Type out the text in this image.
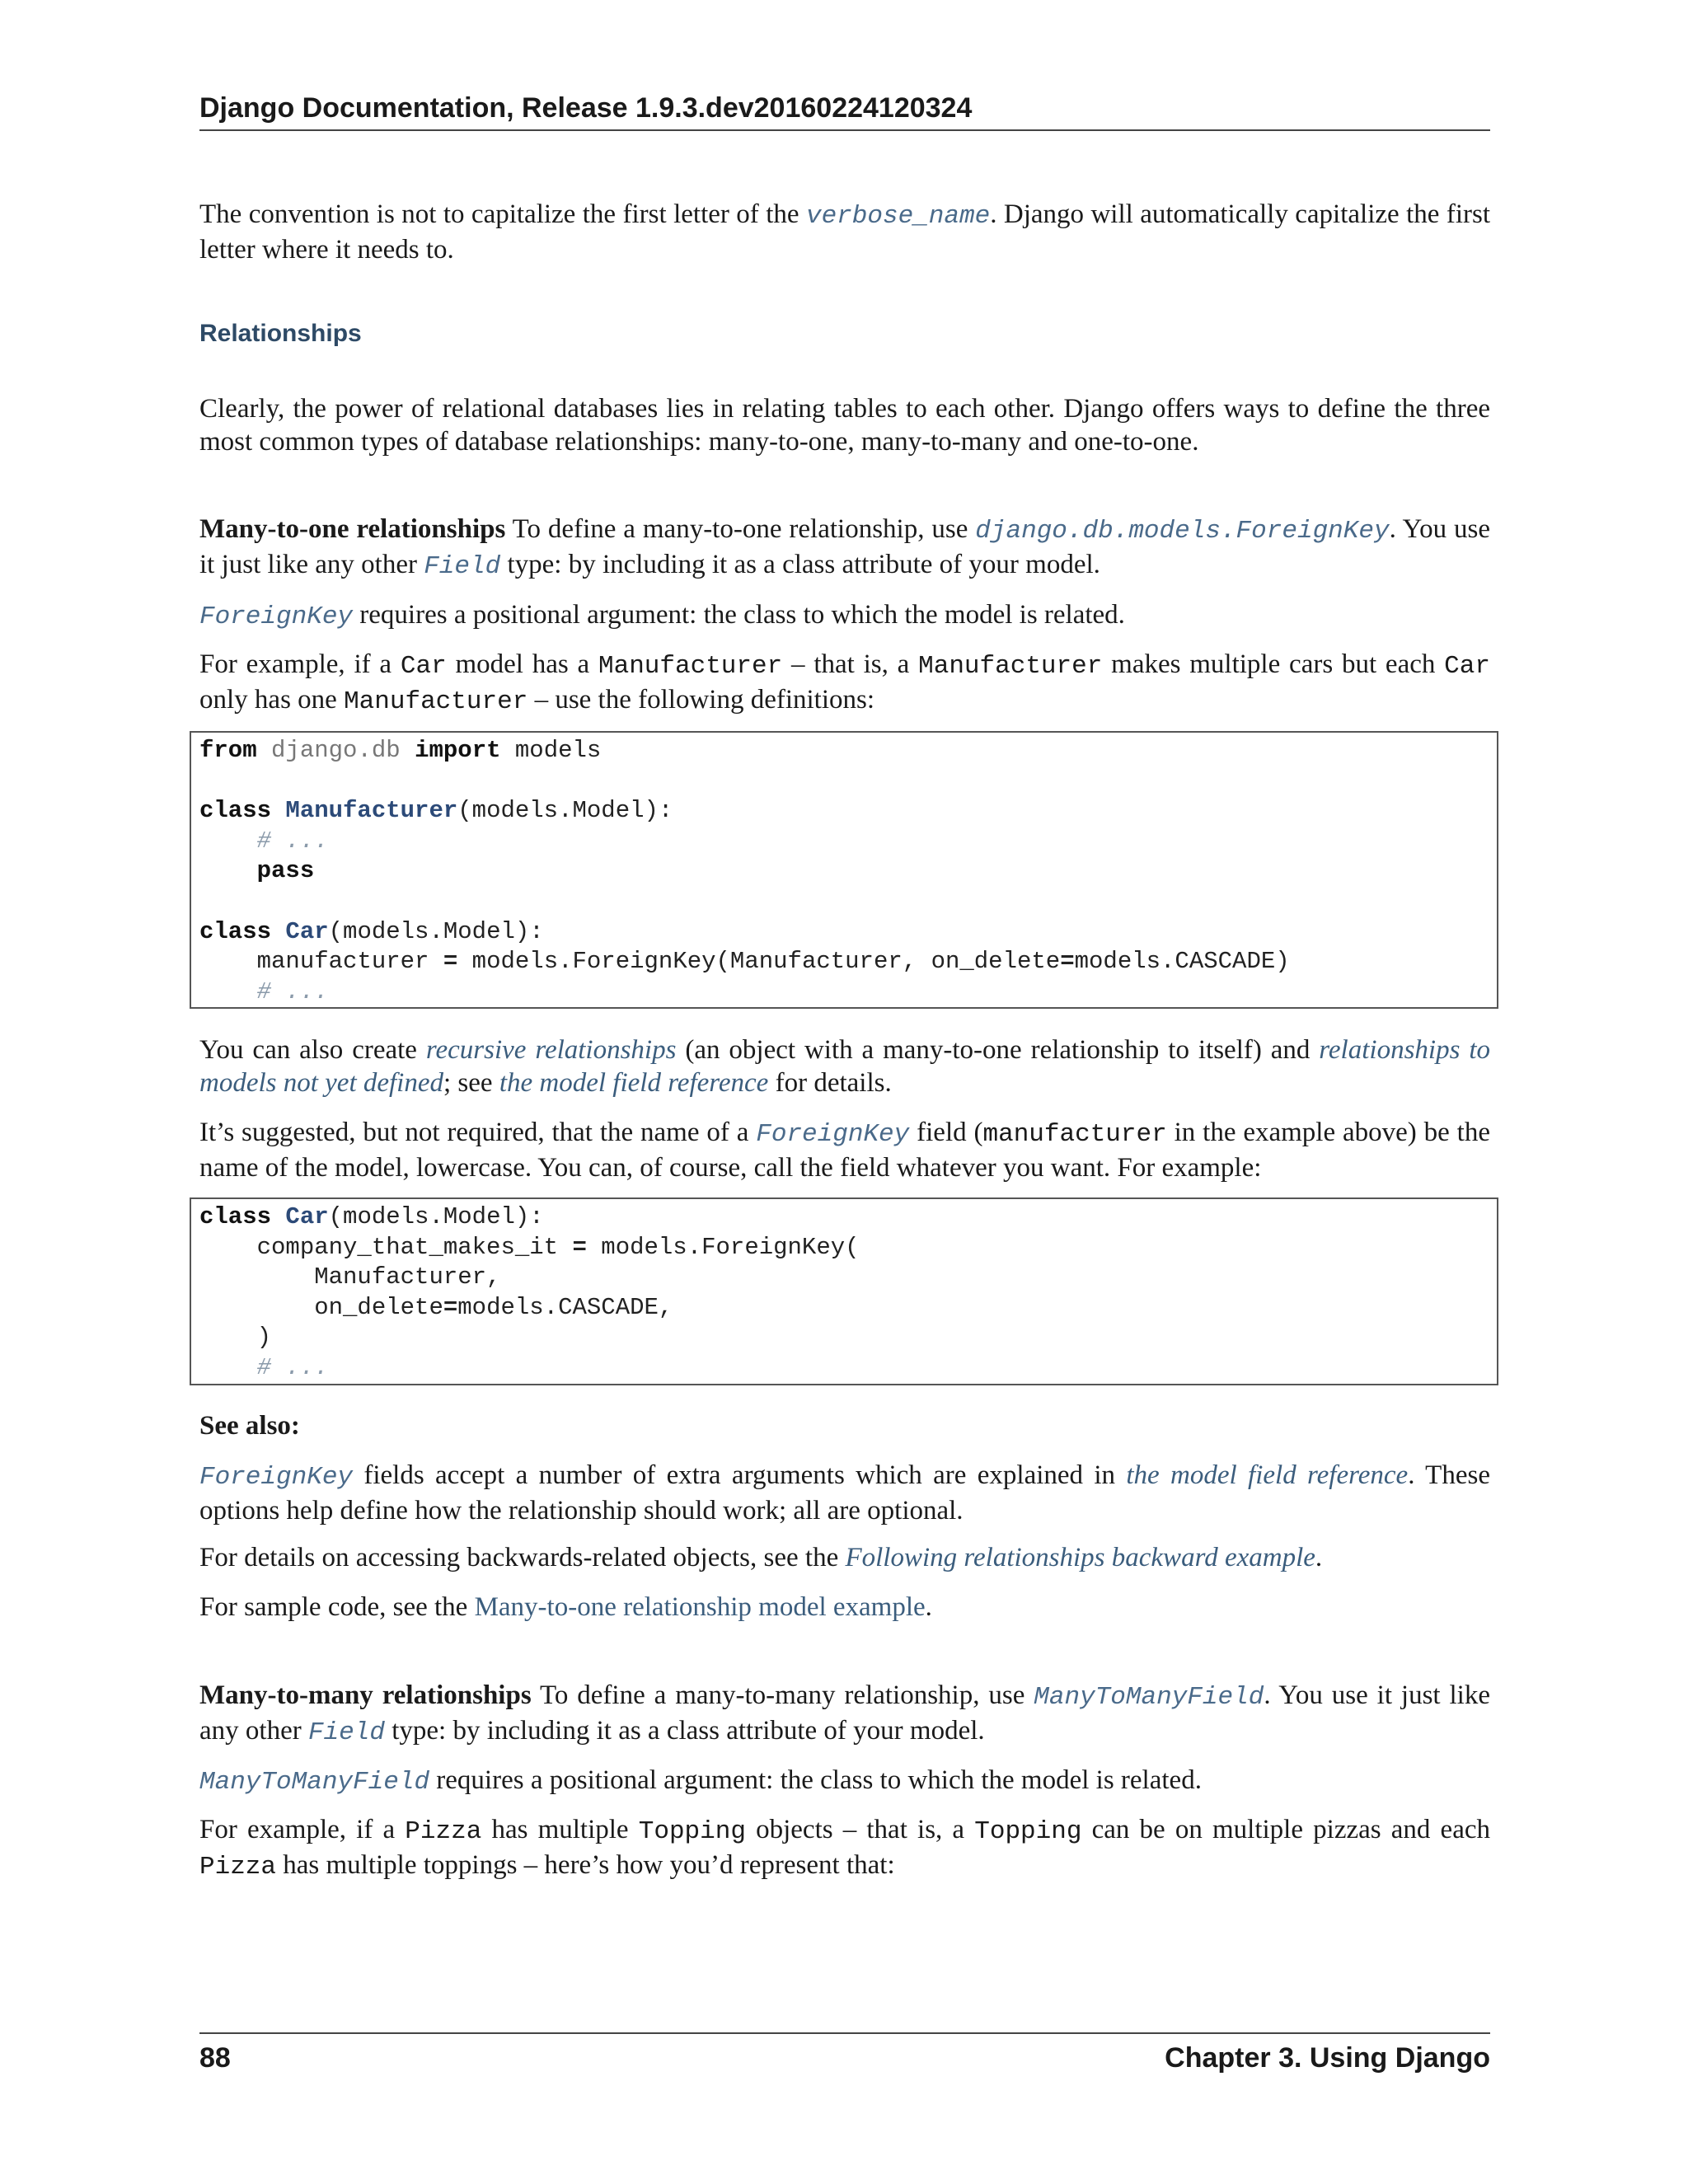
Django Documentation, Release 1.9.3.dev20160224120324

The convention is not to capitalize the first letter of the verbose_name. Django will automatically capitalize the first letter where it needs to.

Relationships

Clearly, the power of relational databases lies in relating tables to each other. Django offers ways to define the three most common types of database relationships: many-to-one, many-to-many and one-to-one.

Many-to-one relationships To define a many-to-one relationship, use django.db.models.ForeignKey. You use it just like any other Field type: by including it as a class attribute of your model.

ForeignKey requires a positional argument: the class to which the model is related.

For example, if a Car model has a Manufacturer – that is, a Manufacturer makes multiple cars but each Car only has one Manufacturer – use the following definitions:

from django.db import models

class Manufacturer(models.Model):
# ...
pass

class Car(models.Model):
manufacturer = models.ForeignKey(Manufacturer, on_delete=models.CASCADE)
# ...

You can also create recursive relationships (an object with a many-to-one relationship to itself) and relationships to models not yet defined; see the model field reference for details.

It’s suggested, but not required, that the name of a ForeignKey field (manufacturer in the example above) be the name of the model, lowercase. You can, of course, call the field whatever you want. For example:

class Car(models.Model):
company_that_makes_it = models.ForeignKey(
Manufacturer,
on_delete=models.CASCADE,
)
# ...

See also:

ForeignKey fields accept a number of extra arguments which are explained in the model field reference. These options help define how the relationship should work; all are optional.

For details on accessing backwards-related objects, see the Following relationships backward example.

For sample code, see the Many-to-one relationship model example.

Many-to-many relationships To define a many-to-many relationship, use ManyToManyField. You use it just like any other Field type: by including it as a class attribute of your model.

ManyToManyField requires a positional argument: the class to which the model is related.

For example, if a Pizza has multiple Topping objects – that is, a Topping can be on multiple pizzas and each Pizza has multiple toppings – here’s how you’d represent that:

88	Chapter 3. Using Django
